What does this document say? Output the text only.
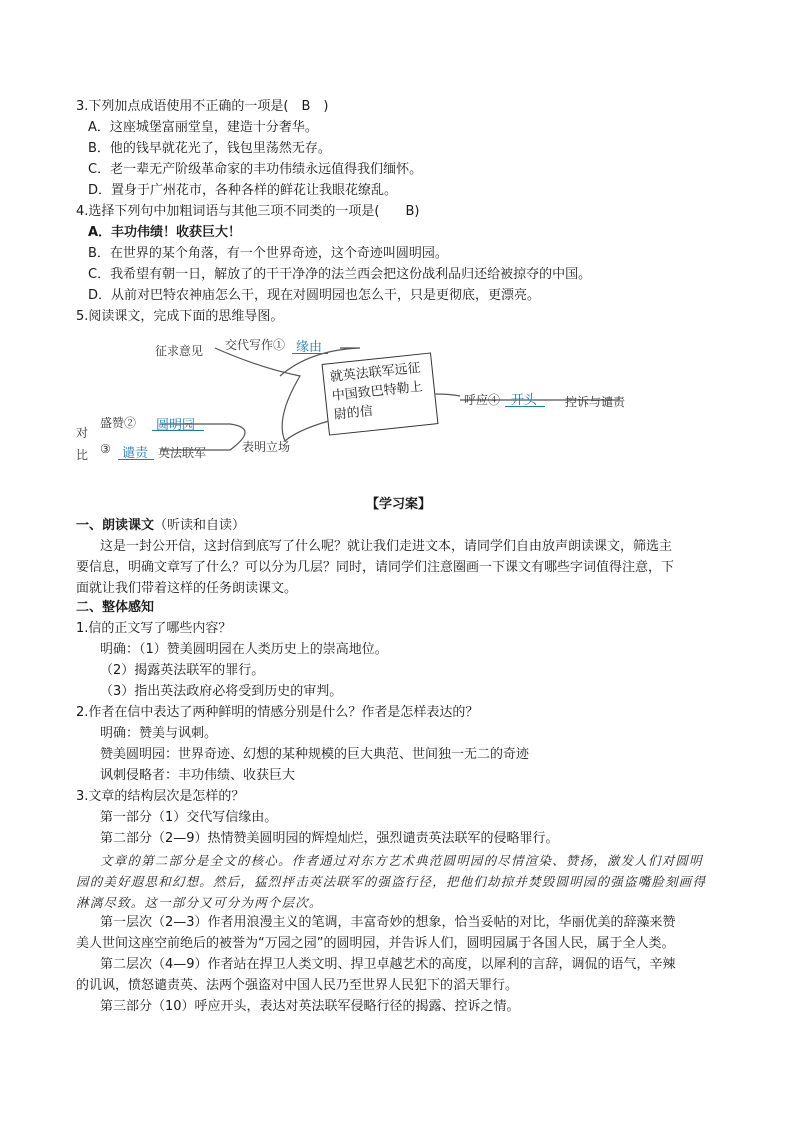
3.下列加点成语使用不正确的一项是(　B　)
A．这座城堡富丽堂皇，建造十分奢华。
B．他的钱早就花光了，钱包里荡然无存。
C．老一辈无产阶级革命家的丰功伟绩永远值得我们缅怀。
D．置身于广州花市，各种各样的鲜花让我眼花缭乱。
4.选择下列句中加粗词语与其他三项不同类的一项是(　　B)
A．丰功伟绩！收获巨大！
B．在世界的某个角落，有一个世界奇迹，这个奇迹叫圆明园。
C．我希望有朝一日，解放了的干干净净的法兰西会把这份战利品归还给被掠夺的中国。
D．从前对巴特农神庙怎么干，现在对圆明园也怎么干，只是更彻底，更漂亮。
5.阅读课文，完成下面的思维导图。
征求意见 交代写作① 缘由
就英法联军远征中国致巴特勒上尉的信
呼应④ 开头 控诉与谴责
对
比
盛赞② 圆明园
③ 谴责 英法联军	表明立场
【学习案】
一、朗读课文（听读和自读）
这是一封公开信，这封信到底写了什么呢？就让我们走进文本，请同学们自由放声朗读课文，筛选主
要信息，明确文章写了什么？可以分为几层？同时，请同学们注意圈画一下课文有哪些字词值得注意，下
面就让我们带着这样的任务朗读课文。
二、整体感知
1.信的正文写了哪些内容？
明确：（1）赞美圆明园在人类历史上的崇高地位。
（2）揭露英法联军的罪行。
（3）指出英法政府必将受到历史的审判。
2.作者在信中表达了两种鲜明的情感分别是什么？作者是怎样表达的？
明确：赞美与讽刺。
赞美圆明园：世界奇迹、幻想的某种规模的巨大典范、世间独一无二的奇迹
讽刺侵略者：丰功伟绩、收获巨大
3.文章的结构层次是怎样的？
第一部分（1）交代写信缘由。
第二部分（2—9）热情赞美圆明园的辉煌灿烂，强烈谴责英法联军的侵略罪行。
文章的第二部分是全文的核心。作者通过对东方艺术典范圆明园的尽情渲染、赞扬，激发人们对圆明
园的美好遐思和幻想。然后，猛烈抨击英法联军的强盗行径，把他们劫掠并焚毁圆明园的强盗嘴脸刻画得
淋漓尽致。这一部分又可分为两个层次。
第一层次（2—3）作者用浪漫主义的笔调，丰富奇妙的想象，恰当妥帖的对比，华丽优美的辞藻来赞
美人世间这座空前绝后的被誉为“万园之园”的圆明园，并告诉人们，圆明园属于各国人民，属于全人类。
第二层次（4—9）作者站在捍卫人类文明、捍卫卓越艺术的高度，以犀利的言辞，调侃的语气，辛辣
的讥讽，愤怒谴责英、法两个强盗对中国人民乃至世界人民犯下的滔天罪行。
第三部分（10）呼应开头，表达对英法联军侵略行径的揭露、控诉之情。
